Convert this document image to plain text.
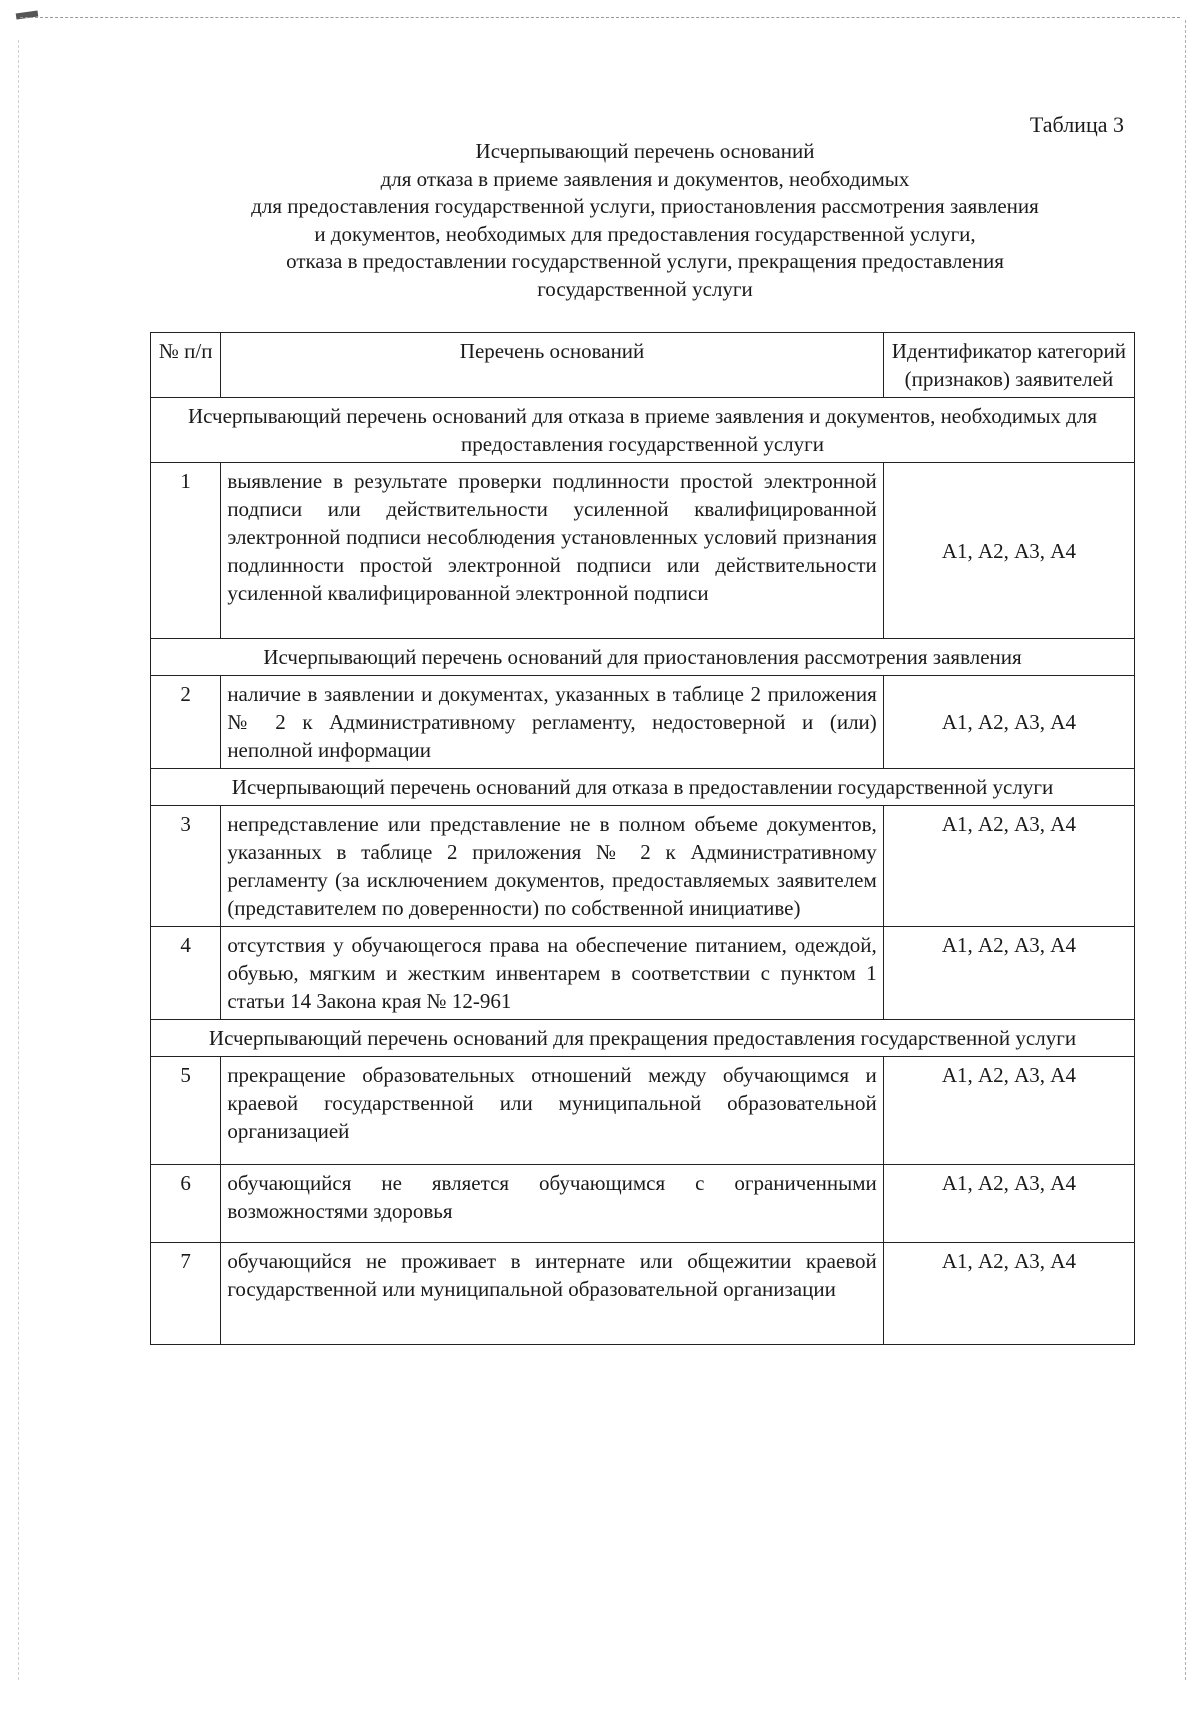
Таблица 3
Исчерпывающий перечень оснований
для отказа в приеме заявления и документов, необходимых
для предоставления государственной услуги, приостановления рассмотрения заявления
и документов, необходимых для предоставления государственной услуги,
отказа в предоставлении государственной услуги, прекращения предоставления
государственной услуги
№ п/п	Перечень оснований	Идентификатор категорий (признаков) заявителей
Исчерпывающий перечень оснований для отказа в приеме заявления и документов, необходимых для предоставления государственной услуги		
1	выявление в результате проверки подлинности простой электронной подписи или действительности усиленной квалифицированной электронной подписи несоблюдения установленных условий признания подлинности простой электронной подписи или действительности усиленной квалифицированной электронной подписи	А1, А2, А3, А4
Исчерпывающий перечень оснований для приостановления рассмотрения заявления		
2	наличие в заявлении и документах, указанных в таблице 2 приложения № 2 к Административному регламенту, недостоверной и (или) неполной информации	А1, А2, А3, А4
Исчерпывающий перечень оснований для отказа в предоставлении государственной услуги		
3	непредставление или представление не в полном объеме документов, указанных в таблице 2 приложения № 2 к Административному регламенту (за исключением документов, предоставляемых заявителем (представителем по доверенности) по собственной инициативе)	А1, А2, А3, А4
4	отсутствия у обучающегося права на обеспечение питанием, одеждой, обувью, мягким и жестким инвентарем в соответствии с пунктом 1 статьи 14 Закона края № 12-961	А1, А2, А3, А4
Исчерпывающий перечень оснований для прекращения предоставления государственной услуги		
5	прекращение образовательных отношений между обучающимся и краевой государственной или муниципальной образовательной организацией	А1, А2, А3, А4
6	обучающийся не является обучающимся с ограниченными возможностями здоровья	А1, А2, А3, А4
7	обучающийся не проживает в интернате или общежитии краевой государственной или муниципальной образовательной организации	А1, А2, А3, А4
